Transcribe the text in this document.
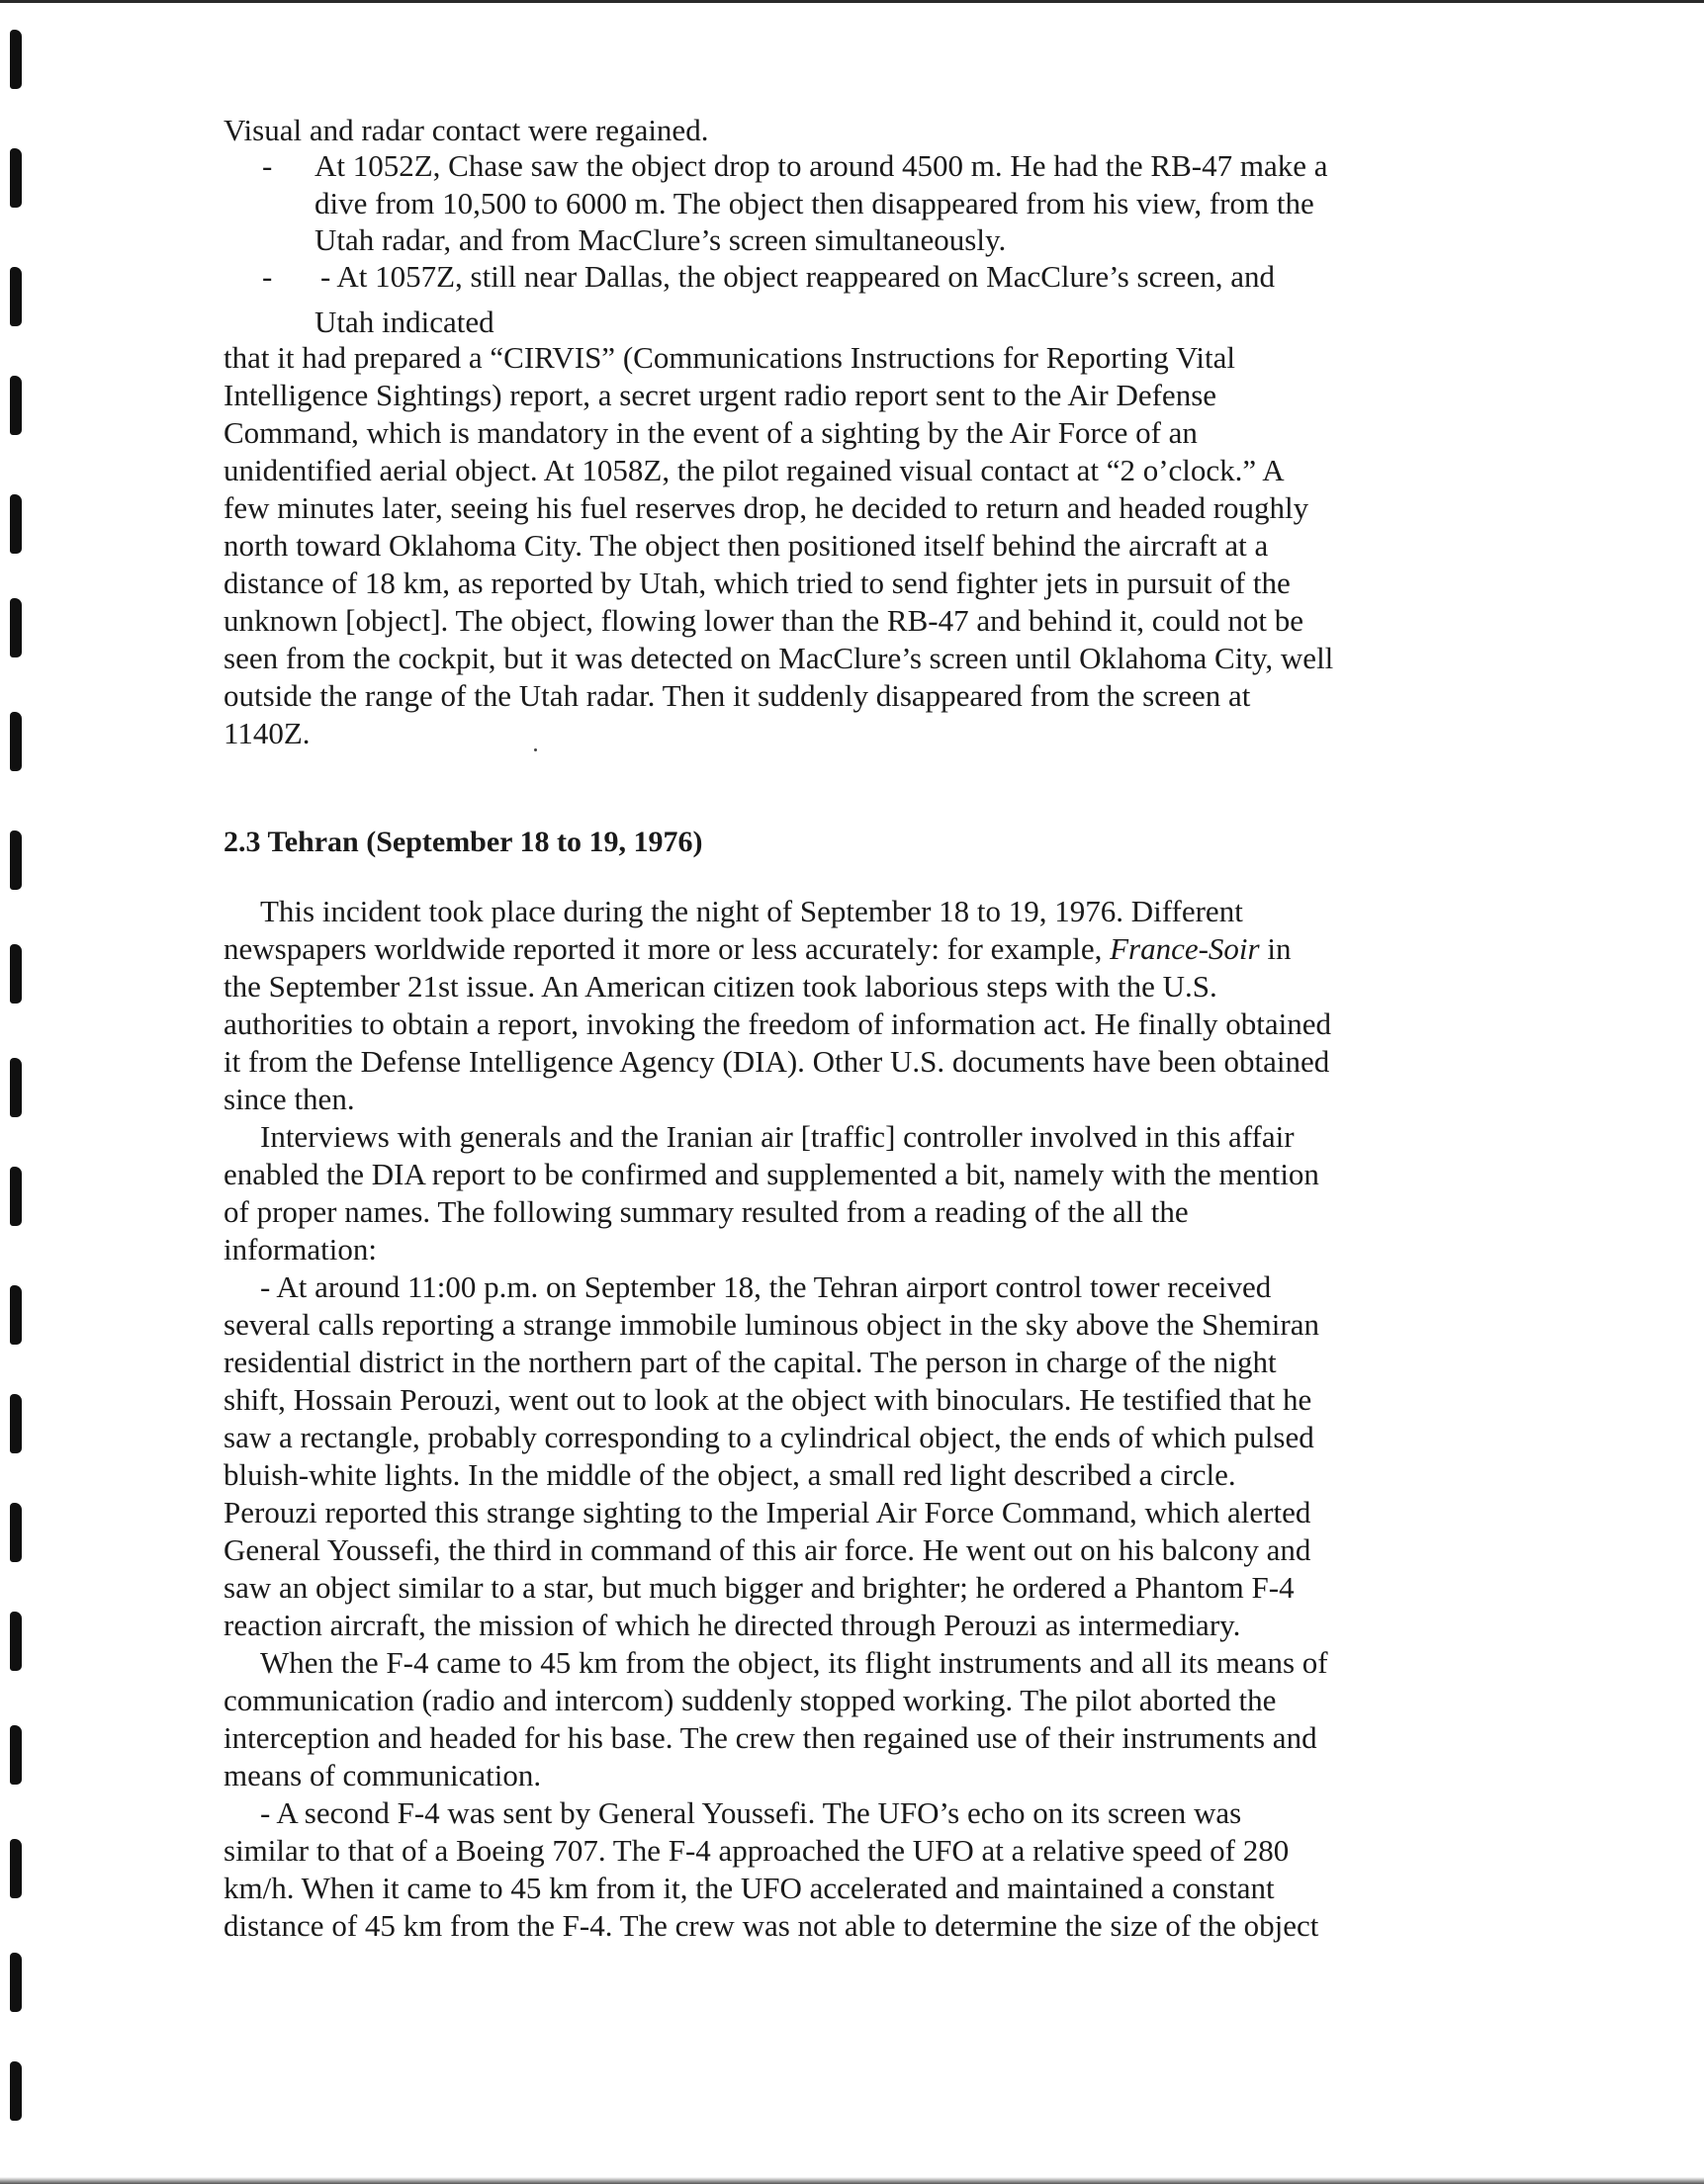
Visual and radar contact were regained.
- At 1052Z, Chase saw the object drop to around 4500 m. He had the RB-47 make a
dive from 10,500 to 6000 m. The object then disappeared from his view, from the
Utah radar, and from MacClure’s screen simultaneously.
- - At 1057Z, still near Dallas, the object reappeared on MacClure’s screen, and
Utah indicated
that it had prepared a “CIRVIS” (Communications Instructions for Reporting Vital
Intelligence Sightings) report, a secret urgent radio report sent to the Air Defense
Command, which is mandatory in the event of a sighting by the Air Force of an
unidentified aerial object. At 1058Z, the pilot regained visual contact at “2 o’clock.” A
few minutes later, seeing his fuel reserves drop, he decided to return and headed roughly
north toward Oklahoma City. The object then positioned itself behind the aircraft at a
distance of 18 km, as reported by Utah, which tried to send fighter jets in pursuit of the
unknown [object]. The object, flowing lower than the RB-47 and behind it, could not be
seen from the cockpit, but it was detected on MacClure’s screen until Oklahoma City, well
outside the range of the Utah radar. Then it suddenly disappeared from the screen at
1140Z.
2.3 Tehran (September 18 to 19, 1976)
This incident took place during the night of September 18 to 19, 1976. Different
newspapers worldwide reported it more or less accurately: for example, France-Soir in
the September 21st issue. An American citizen took laborious steps with the U.S.
authorities to obtain a report, invoking the freedom of information act. He finally obtained
it from the Defense Intelligence Agency (DIA). Other U.S. documents have been obtained
since then.
Interviews with generals and the Iranian air [traffic] controller involved in this affair
enabled the DIA report to be confirmed and supplemented a bit, namely with the mention
of proper names. The following summary resulted from a reading of the all the
information:
- At around 11:00 p.m. on September 18, the Tehran airport control tower received
several calls reporting a strange immobile luminous object in the sky above the Shemiran
residential district in the northern part of the capital. The person in charge of the night
shift, Hossain Perouzi, went out to look at the object with binoculars. He testified that he
saw a rectangle, probably corresponding to a cylindrical object, the ends of which pulsed
bluish-white lights. In the middle of the object, a small red light described a circle.
Perouzi reported this strange sighting to the Imperial Air Force Command, which alerted
General Youssefi, the third in command of this air force. He went out on his balcony and
saw an object similar to a star, but much bigger and brighter; he ordered a Phantom F-4
reaction aircraft, the mission of which he directed through Perouzi as intermediary.
When the F-4 came to 45 km from the object, its flight instruments and all its means of
communication (radio and intercom) suddenly stopped working. The pilot aborted the
interception and headed for his base. The crew then regained use of their instruments and
means of communication.
- A second F-4 was sent by General Youssefi. The UFO’s echo on its screen was
similar to that of a Boeing 707. The F-4 approached the UFO at a relative speed of 280
km/h. When it came to 45 km from it, the UFO accelerated and maintained a constant
distance of 45 km from the F-4. The crew was not able to determine the size of the object
